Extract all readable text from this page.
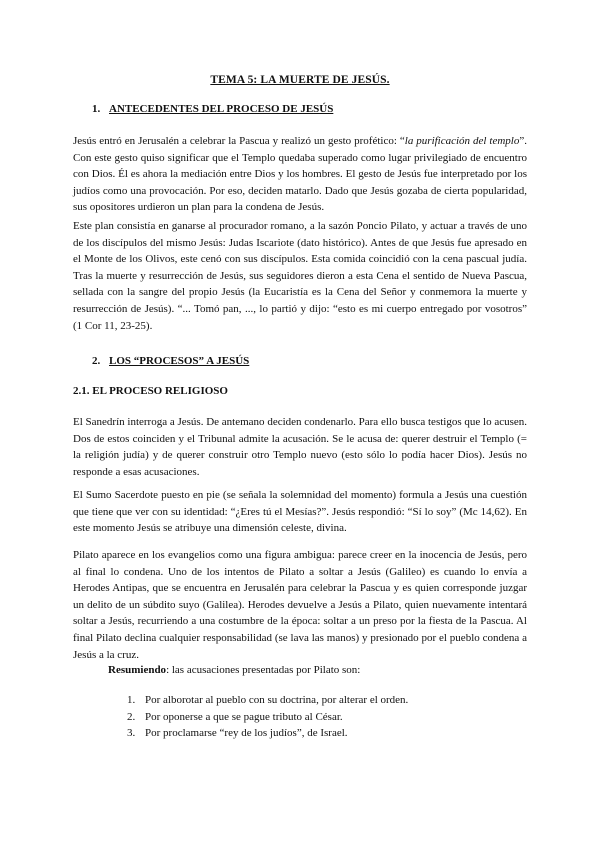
TEMA 5: LA MUERTE DE JESÚS.
1. ANTECEDENTES DEL PROCESO DE JESÚS

Jesús entró en Jerusalén a celebrar la Pascua y realizó un gesto profético: “la purificación del templo”. Con este gesto quiso significar que el Templo quedaba superado como lugar privilegiado de encuentro con Dios. Él es ahora la mediación entre Dios y los hombres. El gesto de Jesús fue interpretado por los judíos como una provocación. Por eso, deciden matarlo. Dado que Jesús gozaba de cierta popularidad, sus opositores urdieron un plan para la condena de Jesús.

Este plan consistía en ganarse al procurador romano, a la sazón Poncio Pilato, y actuar a través de uno de los discípulos del mismo Jesús: Judas Iscariote (dato histórico). Antes de que Jesús fue apresado en el Monte de los Olivos, este cenó con sus discípulos. Esta comida coincidió con la cena pascual judía. Tras la muerte y resurrección de Jesús, sus seguidores dieron a esta Cena el sentido de Nueva Pascua, sellada con la sangre del propio Jesús (la Eucaristía es la Cena del Señor y conmemora la muerte y resurrección de Jesús). “... Tomó pan, ..., lo partió y dijo: “esto es mi cuerpo entregado por vosotros” (1 Cor 11, 23-25).

2. LOS “PROCESOS” A JESÚS
2.1. EL PROCESO RELIGIOSO

El Sanedrín interroga a Jesús. De antemano deciden condenarlo. Para ello busca testigos que lo acusen. Dos de estos coinciden y el Tribunal admite la acusación. Se le acusa de: querer destruir el Templo (= la religión judía) y de querer construir otro Templo nuevo (esto sólo lo podía hacer Dios). Jesús no responde a esas acusaciones.

El Sumo Sacerdote puesto en pie (se señala la solemnidad del momento) formula a Jesús una cuestión que tiene que ver con su identidad: “¿Eres tú el Mesías?”. Jesús respondió: “Sí lo soy” (Mc 14,62). En este momento Jesús se atribuye una dimensión celeste, divina.

Pilato aparece en los evangelios como una figura ambigua: parece creer en la inocencia de Jesús, pero al final lo condena. Uno de los intentos de Pilato a soltar a Jesús (Galileo) es cuando lo envía a Herodes Antipas, que se encuentra en Jerusalén para celebrar la Pascua y es quien corresponde juzgar un delito de un súbdito suyo (Galilea). Herodes devuelve a Jesús a Pilato, quien nuevamente intentará soltar a Jesús, recurriendo a una costumbre de la época: soltar a un preso por la fiesta de la Pascua. Al final Pilato declina cualquier responsabilidad (se lava las manos) y presionado por el pueblo condena a Jesús a la cruz.

Resumiendo: las acusaciones presentadas por Pilato son:
1. Por alborotar al pueblo con su doctrina, por alterar el orden.
2. Por oponerse a que se pague tributo al César.
3. Por proclamarse “rey de los judíos”, de Israel.
